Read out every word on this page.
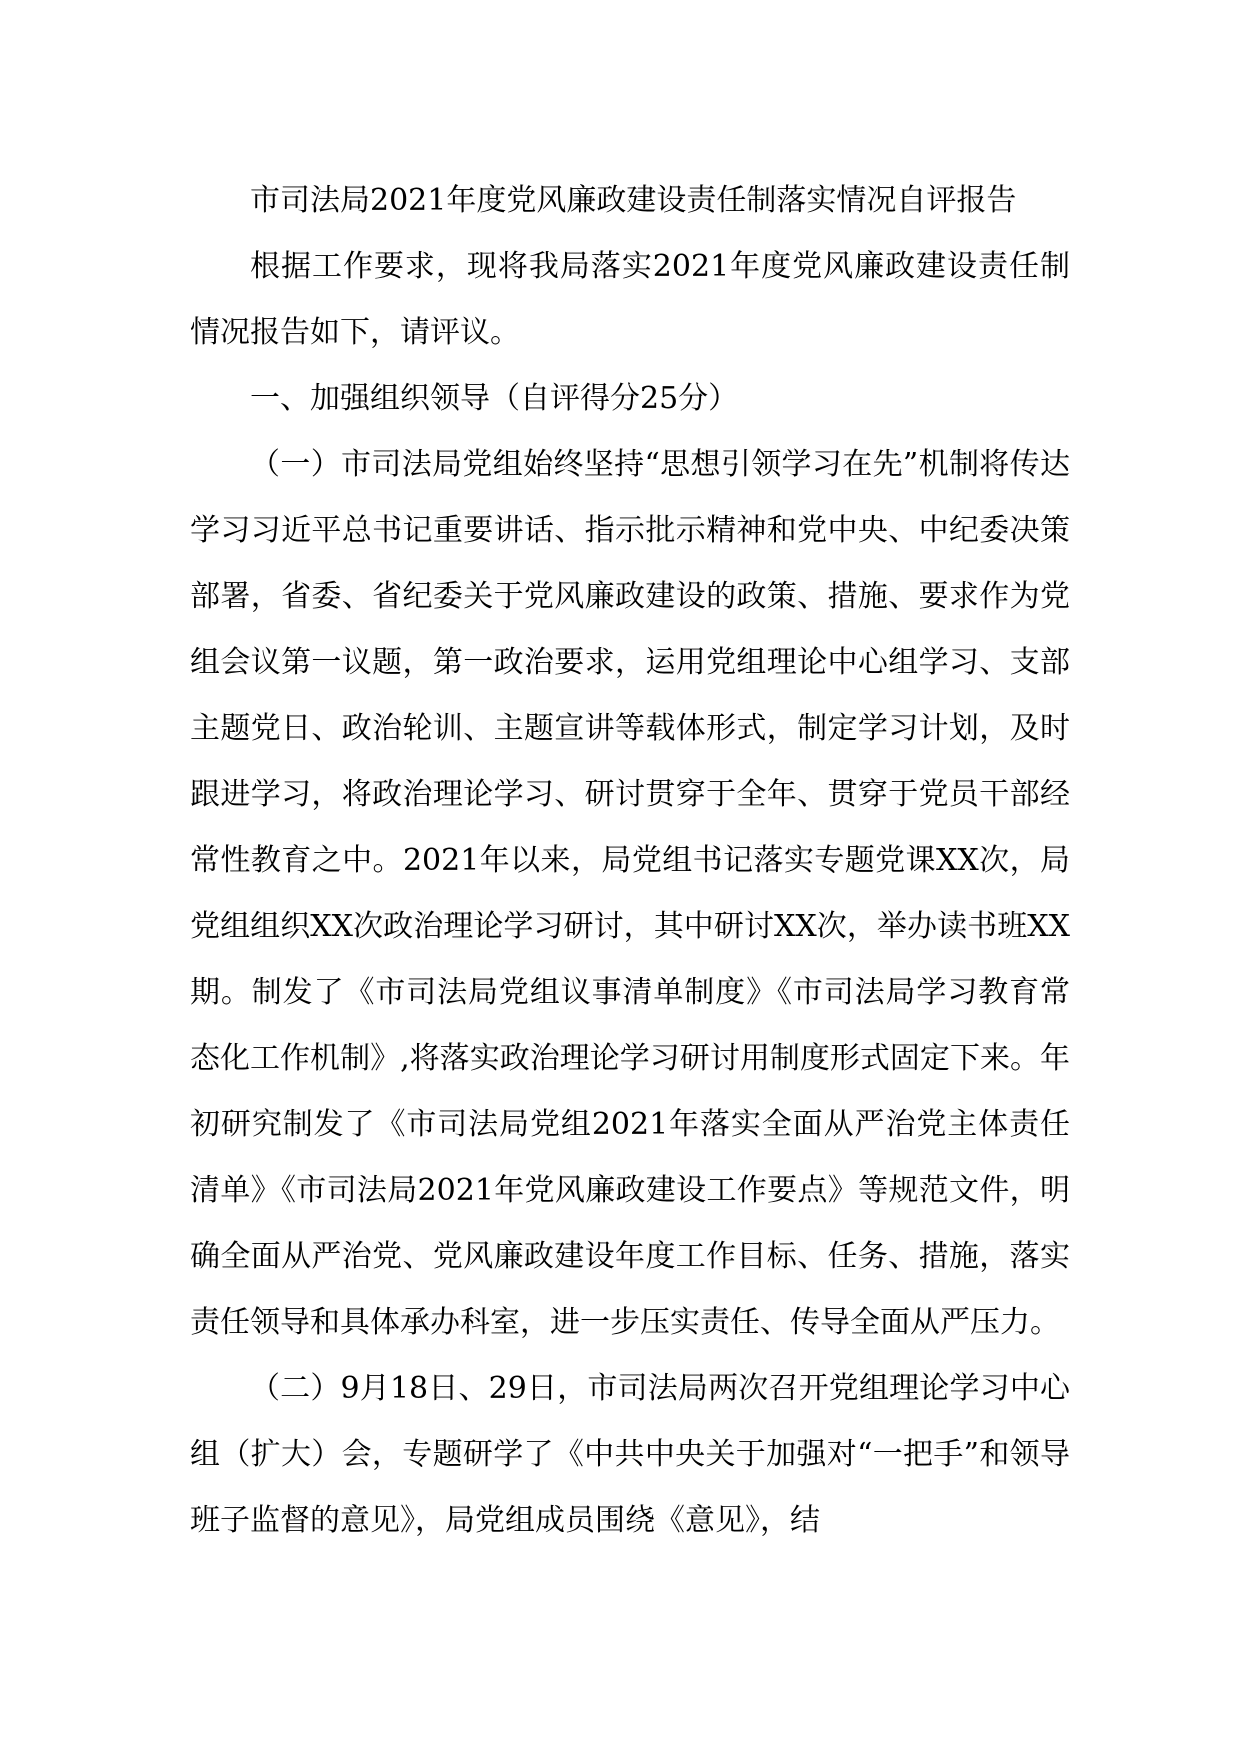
市司法局2021年度党风廉政建设责任制落实情况自评报告

根据工作要求，现将我局落实2021年度党风廉政建设责任制情况报告如下，请评议。

一、加强组织领导（自评得分25分）

（一）市司法局党组始终坚持“思想引领学习在先”机制将传达学习习近平总书记重要讲话、指示批示精神和党中央、中纪委决策部署，省委、省纪委关于党风廉政建设的政策、措施、要求作为党组会议第一议题，第一政治要求，运用党组理论中心组学习、支部主题党日、政治轮训、主题宣讲等载体形式，制定学习计划，及时跟进学习，将政治理论学习、研讨贯穿于全年、贯穿于党员干部经常性教育之中。2021年以来，局党组书记落实专题党课XX次，局党组组织XX次政治理论学习研讨，其中研讨XX次，举办读书班XX期。制发了《市司法局党组议事清单制度》《市司法局学习教育常态化工作机制》,将落实政治理论学习研讨用制度形式固定下来。年初研究制发了《市司法局党组2021年落实全面从严治党主体责任清单》《市司法局2021年党风廉政建设工作要点》等规范文件，明确全面从严治党、党风廉政建设年度工作目标、任务、措施，落实责任领导和具体承办科室，进一步压实责任、传导全面从严压力。

（二）9月18日、29日，市司法局两次召开党组理论学习中心组（扩大）会，专题研学了《中共中央关于加强对“一把手”和领导班子监督的意见》，局党组成员围绕《意见》，结
